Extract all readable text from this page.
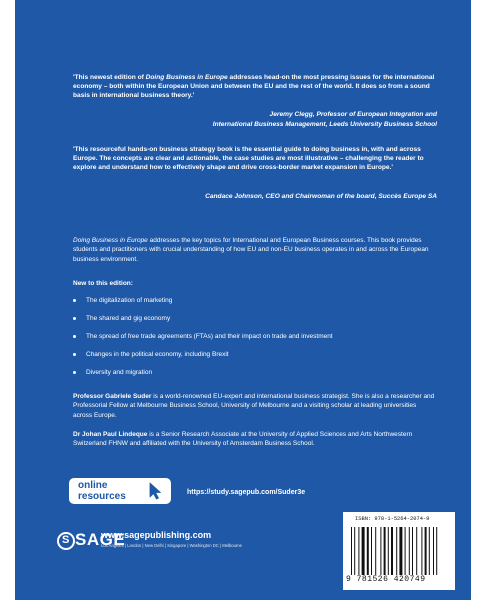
'This newest edition of Doing Business in Europe addresses head-on the most pressing issues for the international economy – both within the European Union and between the EU and the rest of the world. It does so from a sound basis in international business theory.'
Jeremy Clegg, Professor of European Integration and
International Business Management, Leeds University Business School
'This resourceful hands-on business strategy book is the essential guide to doing business in, with and across Europe. The concepts are clear and actionable, the case studies are most illustrative – challenging the reader to explore and understand how to effectively shape and drive cross-border market expansion in Europe.'
Candace Johnson, CEO and Chairwoman of the board, Succès Europe SA
Doing Business in Europe addresses the key topics for International and European Business courses. This book provides students and practitioners with crucial understanding of how EU and non-EU business operates in and across the European business environment.
New to this edition:
The digitalization of marketing
The shared and gig economy
The spread of free trade agreements (FTAs) and their impact on trade and investment
Changes in the political economy, including Brexit
Diversity and migration
Professor Gabriele Suder is a world-renowned EU-expert and international business strategist. She is also a researcher and Professorial Fellow at Melbourne Business School, University of Melbourne and a visiting scholar at leading universities across Europe.
Dr Johan Paul Lindeque is a Senior Research Associate at the University of Applied Sciences and Arts Northwestern Switzerland FHNW and affiliated with the University of Amsterdam Business School.
online
resources	https://study.sagepub.com/Suder3e
S SAGE
www.sagepublishing.com
Los Angeles | London | New Delhi | Singapore | Washington DC | Melbourne
ISBN: 978-1-5264-2074-9
9 781526 420749
